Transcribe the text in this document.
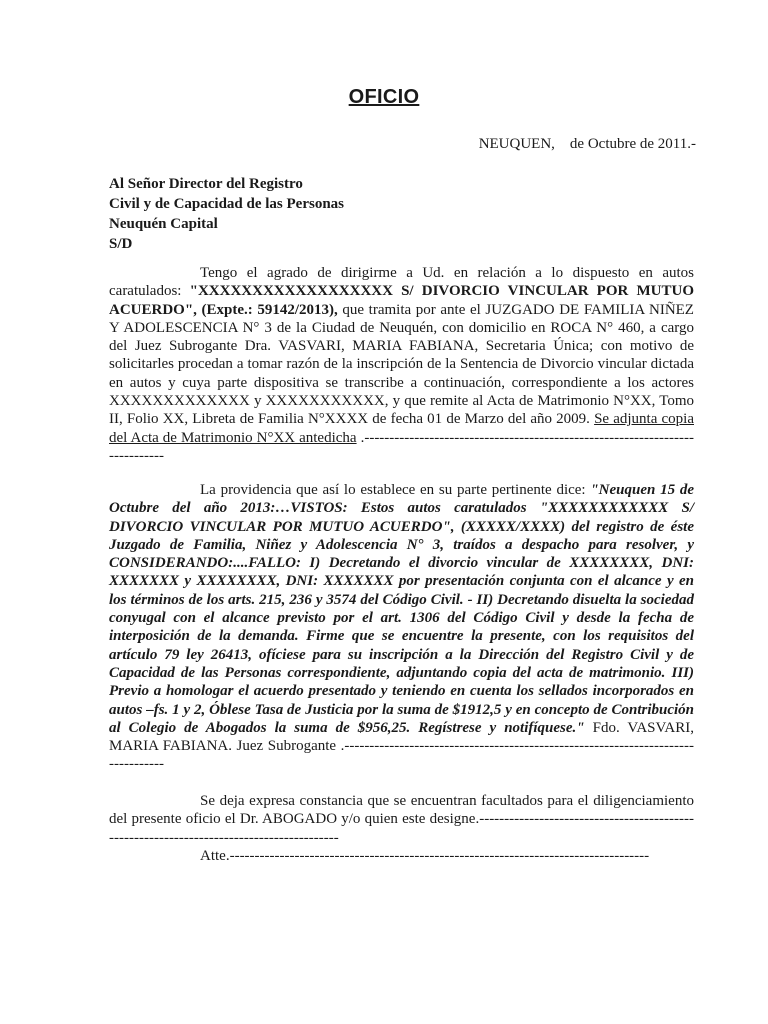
OFICIO
NEUQUEN,    de Octubre de 2011.-
Al Señor Director del Registro
Civil y de Capacidad de las Personas
Neuquén Capital
S/D
Tengo el agrado de dirigirme a Ud. en relación a lo dispuesto en autos caratulados: "XXXXXXXXXXXXXXXXXX S/ DIVORCIO VINCULAR POR MUTUO ACUERDO", (Expte.: 59142/2013), que tramita por ante el JUZGADO DE FAMILIA NIÑEZ Y ADOLESCENCIA N° 3 de la Ciudad de Neuquén, con domicilio en ROCA N° 460, a cargo del Juez Subrogante Dra. VASVARI, MARIA FABIANA, Secretaria Única; con motivo de solicitarles procedan a tomar razón de la inscripción de la Sentencia de Divorcio vincular dictada en autos y cuya parte dispositiva se transcribe a continuación, correspondiente a los actores XXXXXXXXXXXXX y XXXXXXXXXXX, y que remite al Acta de Matrimonio N°XX, Tomo II, Folio XX, Libreta de Familia N°XXXX de fecha 01 de Marzo del año 2009. Se adjunta copia del Acta de Matrimonio N°XX antedicha .-----------------------------------------------------------------------------
La providencia que así lo establece en su parte pertinente dice: "Neuquen 15 de Octubre del año 2013:…VISTOS: Estos autos caratulados "XXXXXXXXXXXX S/ DIVORCIO VINCULAR POR MUTUO ACUERDO", (XXXXX/XXXX) del registro de éste Juzgado de Familia, Niñez y Adolescencia N° 3, traídos a despacho para resolver, y CONSIDERANDO:....FALLO: I) Decretando el divorcio vincular de XXXXXXXX, DNI: XXXXXXX y XXXXXXXX, DNI: XXXXXXX por presentación conjunta con el alcance y en los términos de los arts. 215, 236 y 3574 del Código Civil. - II) Decretando disuelta la sociedad conyugal con el alcance previsto por el art. 1306 del Código Civil y desde la fecha de interposición de la demanda. Firme que se encuentre la presente, con los requisitos del artículo 79 ley 26413, ofíciese para su inscripción a la Dirección del Registro Civil y de Capacidad de las Personas correspondiente, adjuntando copia del acta de matrimonio. III) Previo a homologar el acuerdo presentado y teniendo en cuenta los sellados incorporados en autos –fs. 1 y 2, Óblese Tasa de Justicia por la suma de $1912,5 y en concepto de Contribución al Colegio de Abogados la suma de $956,25. Regístrese y notifíquese." Fdo. VASVARI, MARIA FABIANA. Juez Subrogante .---------------------------------------------------------------------------------
Se deja expresa constancia que se encuentran facultados para el diligenciamiento del presente oficio el Dr. ABOGADO y/o quien este designe.-----------------------------------------------------------------------------------------
Atte.------------------------------------------------------------------------------------
